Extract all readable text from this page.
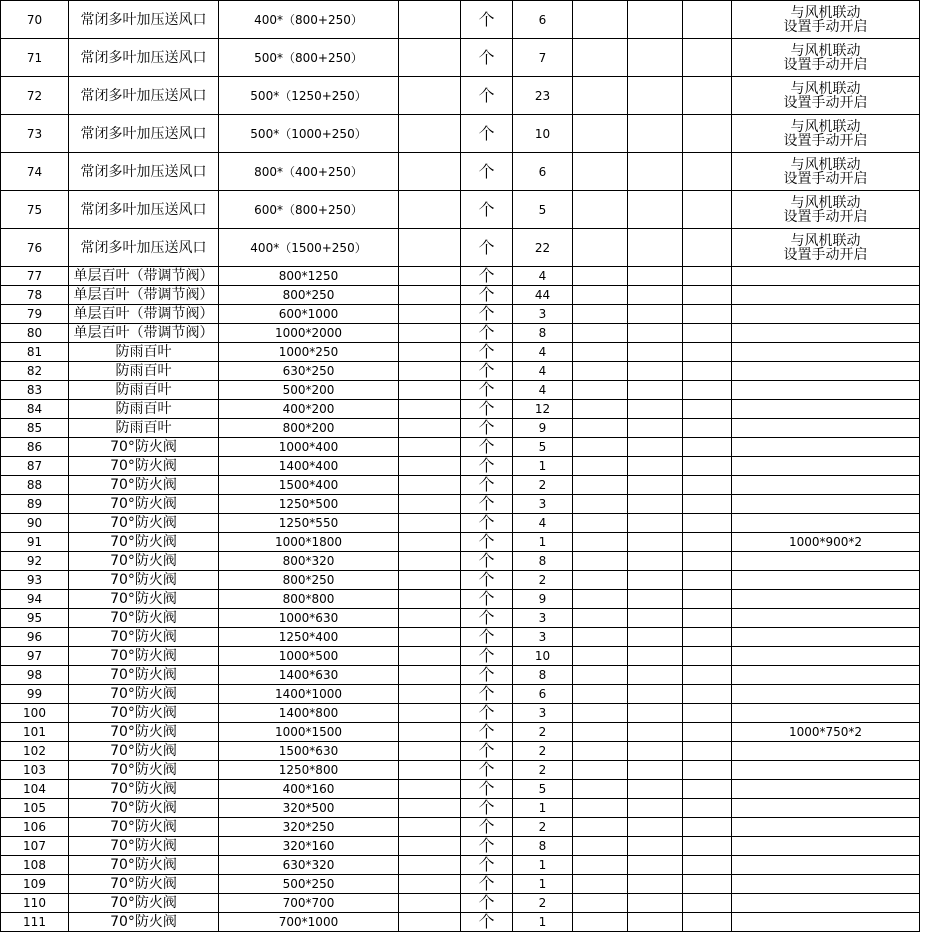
70	常闭多叶加压送风口	400*（800+250）		个	6				与风机联动
设置手动开启

71	常闭多叶加压送风口	500*（800+250）		个	7				与风机联动
设置手动开启

72	常闭多叶加压送风口	500*（1250+250）		个	23				与风机联动
设置手动开启

73	常闭多叶加压送风口	500*（1000+250）		个	10				与风机联动
设置手动开启

74	常闭多叶加压送风口	800*（400+250）		个	6				与风机联动
设置手动开启

75	常闭多叶加压送风口	600*（800+250）		个	5				与风机联动
设置手动开启

76	常闭多叶加压送风口	400*（1500+250）		个	22				与风机联动
设置手动开启

77	单层百叶（带调节阀）	800*1250		个	4				
78	单层百叶（带调节阀）	800*250		个	44				
79	单层百叶（带调节阀）	600*1000		个	3				
80	单层百叶（带调节阀）	1000*2000		个	8				
81	防雨百叶	1000*250		个	4				
82	防雨百叶	630*250		个	4				
83	防雨百叶	500*200		个	4				
84	防雨百叶	400*200		个	12				
85	防雨百叶	800*200		个	9				
86	70°防火阀	1000*400		个	5				
87	70°防火阀	1400*400		个	1				
88	70°防火阀	1500*400		个	2				
89	70°防火阀	1250*500		个	3				
90	70°防火阀	1250*550		个	4				
91	70°防火阀	1000*1800		个	1				1000*900*2

92	70°防火阀	800*320		个	8				
93	70°防火阀	800*250		个	2				
94	70°防火阀	800*800		个	9				
95	70°防火阀	1000*630		个	3				
96	70°防火阀	1250*400		个	3				
97	70°防火阀	1000*500		个	10				
98	70°防火阀	1400*630		个	8				
99	70°防火阀	1400*1000		个	6				
100	70°防火阀	1400*800		个	3				
101	70°防火阀	1000*1500		个	2				1000*750*2

102	70°防火阀	1500*630		个	2				
103	70°防火阀	1250*800		个	2				
104	70°防火阀	400*160		个	5				
105	70°防火阀	320*500		个	1				
106	70°防火阀	320*250		个	2				
107	70°防火阀	320*160		个	8				
108	70°防火阀	630*320		个	1				
109	70°防火阀	500*250		个	1				
110	70°防火阀	700*700		个	2				
111	70°防火阀	700*1000		个	1				
